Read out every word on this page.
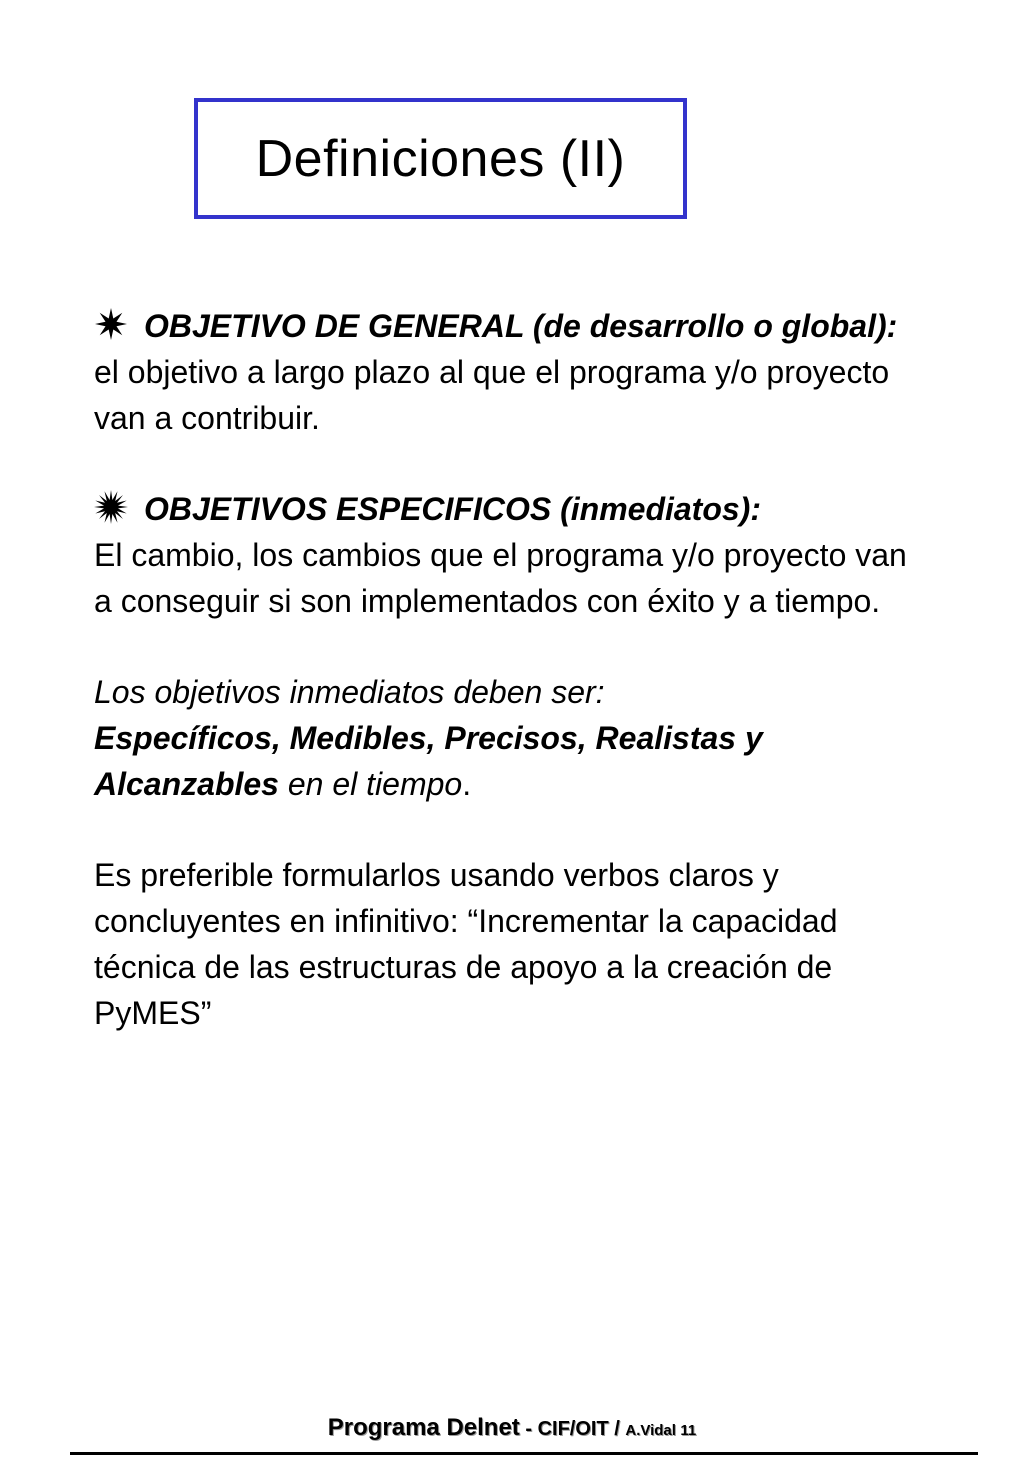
Definiciones (II)

OBJETIVO DE GENERAL (de desarrollo o global): el objetivo a largo plazo al que el programa y/o proyecto van a contribuir.

OBJETIVOS ESPECIFICOS (inmediatos):
El cambio, los cambios que el programa y/o proyecto van a conseguir si son implementados con éxito y a tiempo.

Los objetivos inmediatos deben ser:
Específicos, Medibles, Precisos, Realistas y Alcanzables en el tiempo.

Es preferible formularlos usando verbos claros y concluyentes en infinitivo: “Incrementar la capacidad técnica de las estructuras de apoyo a la creación de PyMES”

Programa Delnet - CIF/OIT / A.Vidal 11
